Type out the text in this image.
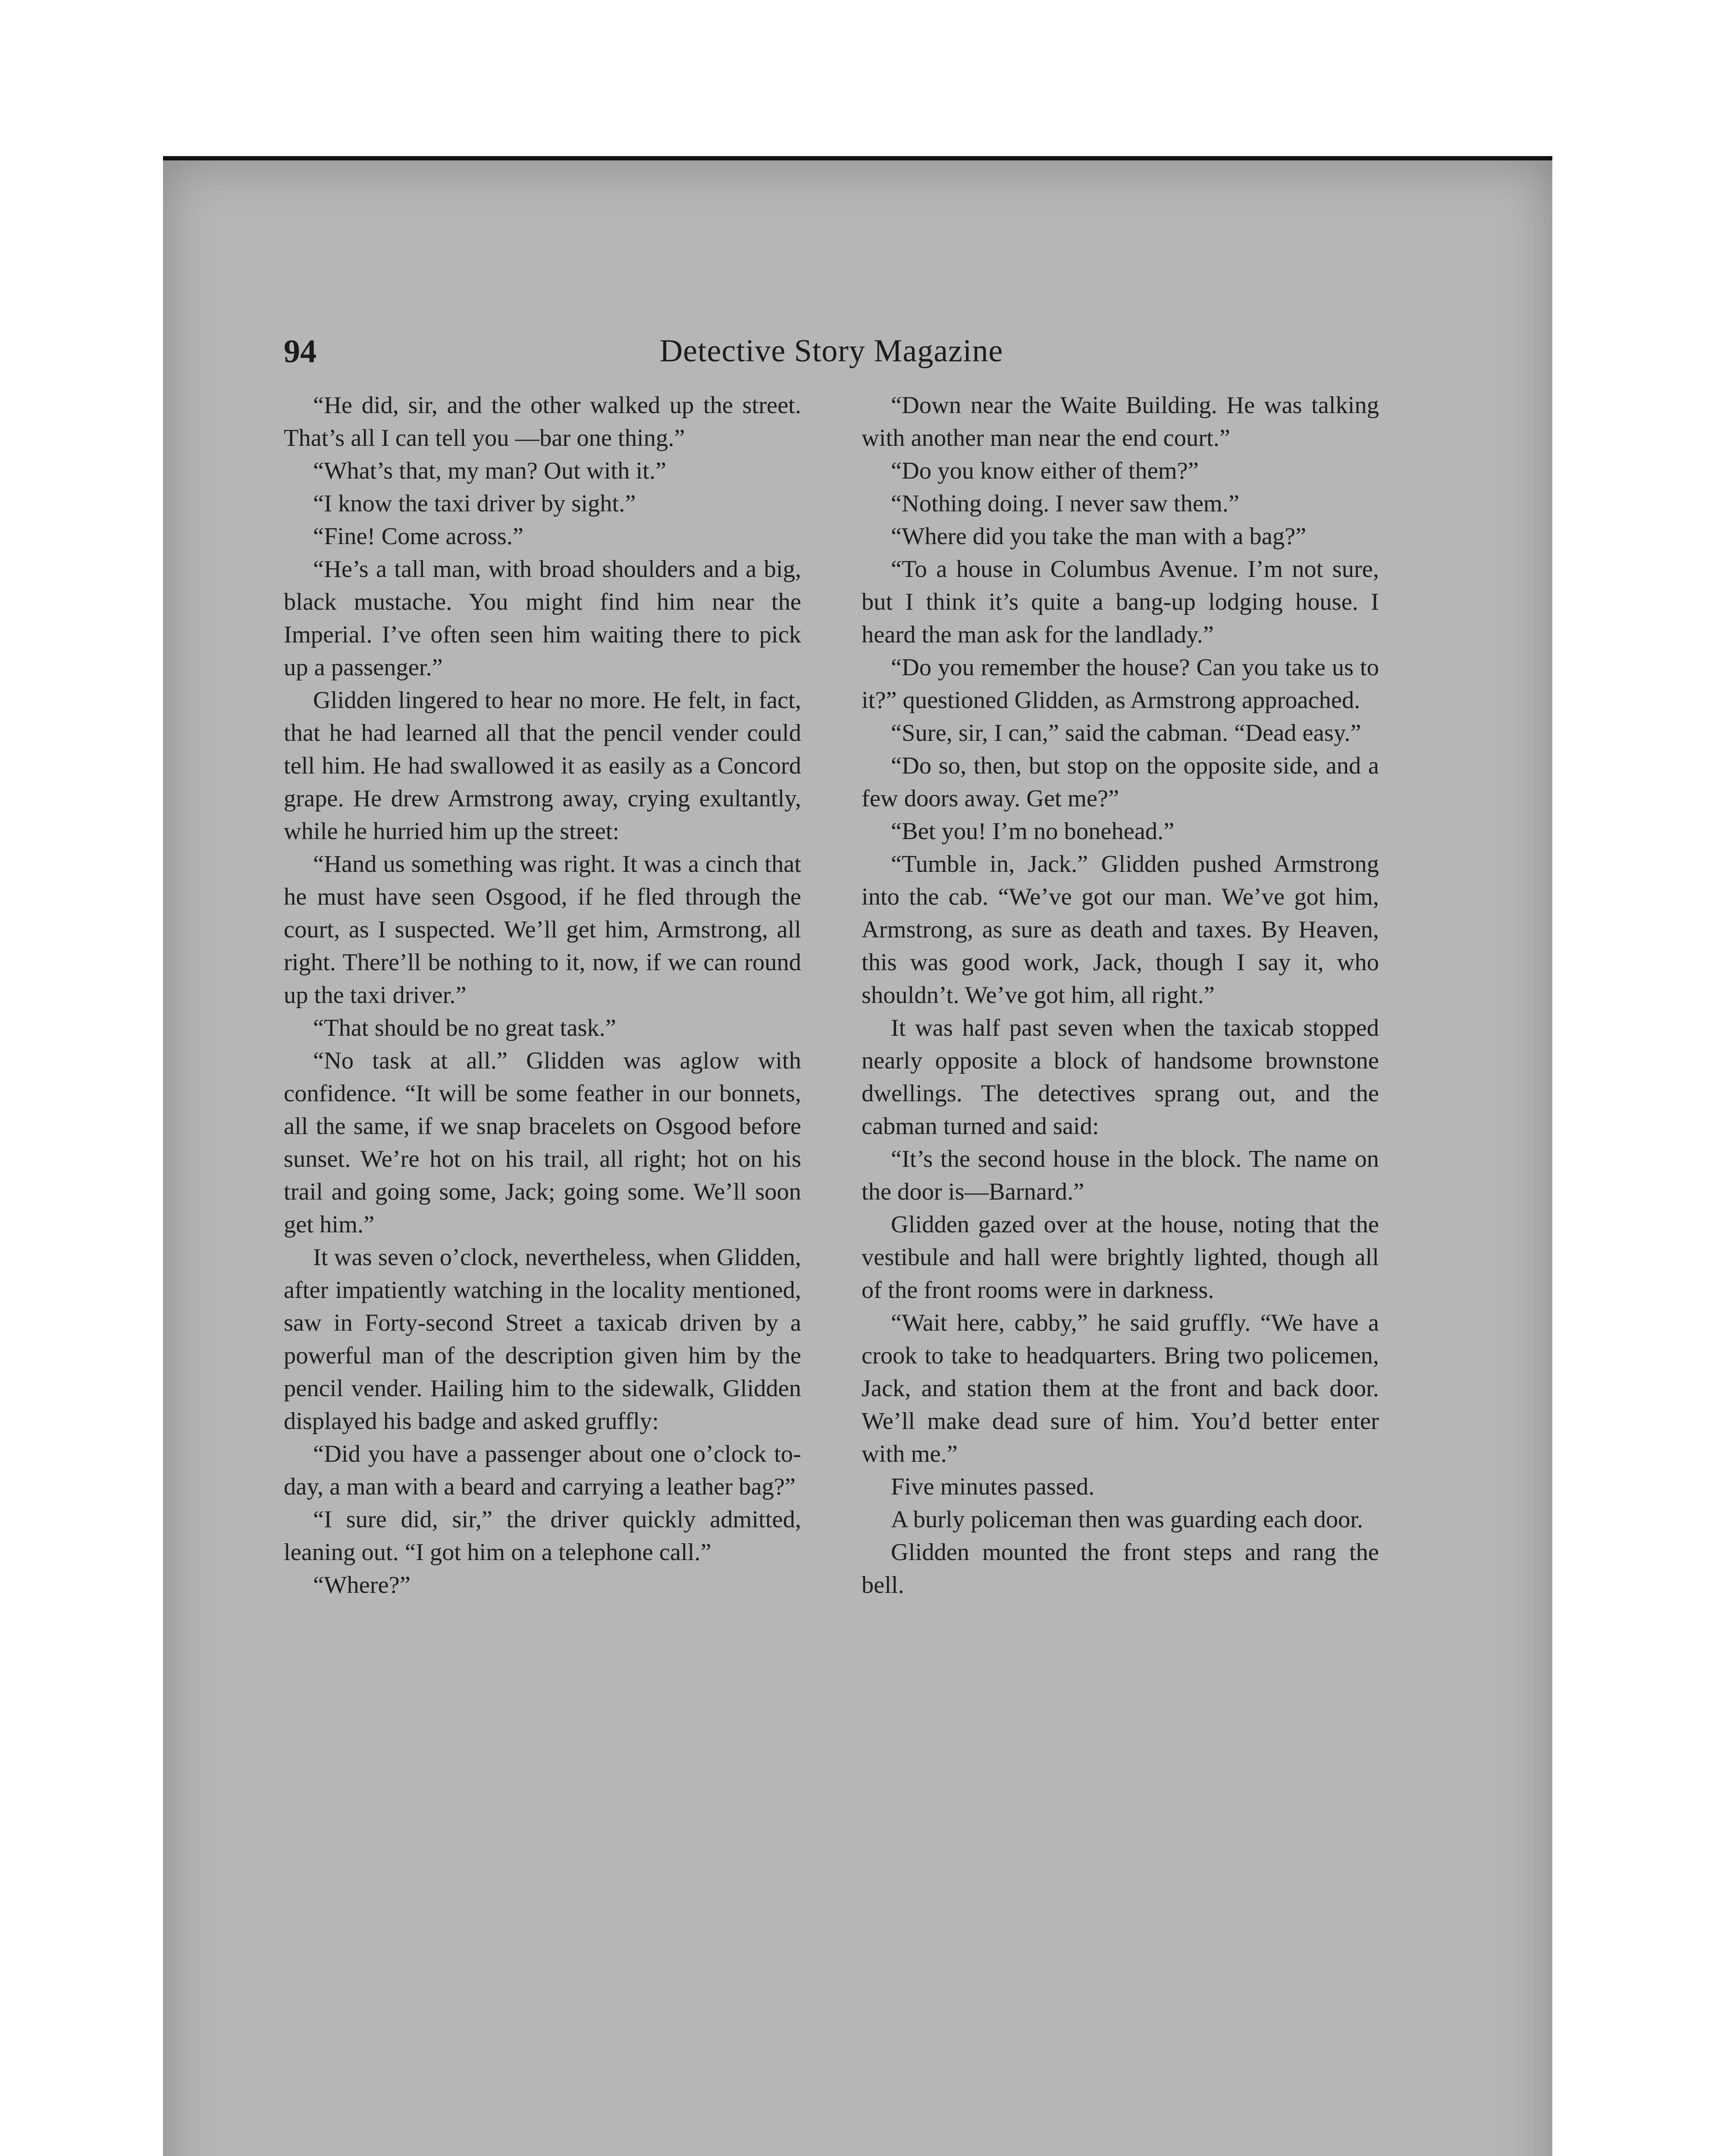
Detective Story Magazine
94

“He did, sir, and the other walked up the street. That’s all I can tell you —bar one thing.”

“What’s that, my man? Out with it.”

“I know the taxi driver by sight.”

“Fine! Come across.”

“He’s a tall man, with broad shoulders and a big, black mustache. You might find him near the Imperial. I’ve often seen him waiting there to pick up a passenger.”

Glidden lingered to hear no more. He felt, in fact, that he had learned all that the pencil vender could tell him. He had swallowed it as easily as a Concord grape. He drew Armstrong away, crying exultantly, while he hurried him up the street:

“Hand us something was right. It was a cinch that he must have seen Osgood, if he fled through the court, as I suspected. We’ll get him, Armstrong, all right. There’ll be nothing to it, now, if we can round up the taxi driver.”

“That should be no great task.”

“No task at all.” Glidden was aglow with confidence. “It will be some feather in our bonnets, all the same, if we snap bracelets on Osgood before sunset. We’re hot on his trail, all right; hot on his trail and going some, Jack; going some. We’ll soon get him.”

It was seven o’clock, nevertheless, when Glidden, after impatiently watching in the locality mentioned, saw in Forty-second Street a taxicab driven by a powerful man of the description given him by the pencil vender. Hailing him to the sidewalk, Glidden displayed his badge and asked gruffly:

“Did you have a passenger about one o’clock to-day, a man with a beard and carrying a leather bag?”

“I sure did, sir,” the driver quickly admitted, leaning out. “I got him on a telephone call.”

“Where?”

“Down near the Waite Building. He was talking with another man near the end court.”

“Do you know either of them?”

“Nothing doing. I never saw them.”

“Where did you take the man with a bag?”

“To a house in Columbus Avenue. I’m not sure, but I think it’s quite a bang-up lodging house. I heard the man ask for the landlady.”

“Do you remember the house? Can you take us to it?” questioned Glidden, as Armstrong approached.

“Sure, sir, I can,” said the cabman. “Dead easy.”

“Do so, then, but stop on the opposite side, and a few doors away. Get me?”

“Bet you! I’m no bonehead.”

“Tumble in, Jack.” Glidden pushed Armstrong into the cab. “We’ve got our man. We’ve got him, Armstrong, as sure as death and taxes. By Heaven, this was good work, Jack, though I say it, who shouldn’t. We’ve got him, all right.”

It was half past seven when the taxicab stopped nearly opposite a block of handsome brownstone dwellings. The detectives sprang out, and the cabman turned and said:

“It’s the second house in the block. The name on the door is—Barnard.”

Glidden gazed over at the house, noting that the vestibule and hall were brightly lighted, though all of the front rooms were in darkness.

“Wait here, cabby,” he said gruffly. “We have a crook to take to headquarters. Bring two policemen, Jack, and station them at the front and back door. We’ll make dead sure of him. You’d better enter with me.”

Five minutes passed.

A burly policeman then was guarding each door.

Glidden mounted the front steps and rang the bell.
